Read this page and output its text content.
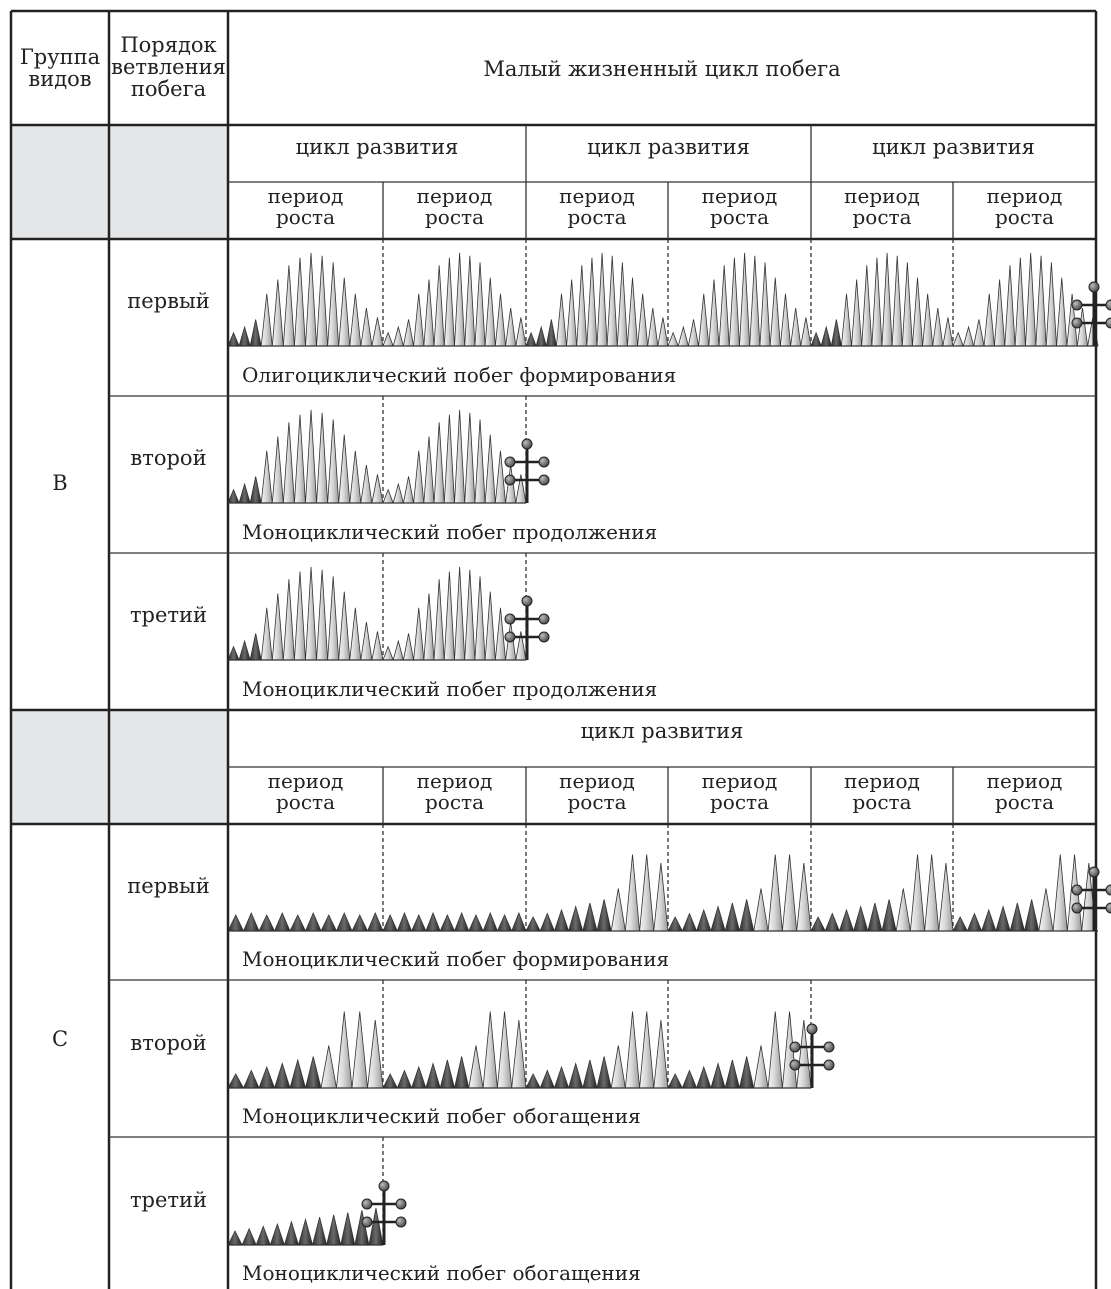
Группа
видов
Порядок
ветвления
побега
Малый жизненный цикл побега
цикл развития	цикл развития	цикл развития
период
роста
период
роста
период
роста
период
роста
период
роста
период
роста
цикл развития
период
роста
период
роста
период
роста
период
роста
период
роста
период
роста
B
C
первый
второй
третий
первый
второй
третий
Олигоциклический побег формирования
Моноциклический побег продолжения
Моноциклический побег продолжения
Моноциклический побег формирования
Моноциклический побег обогащения
Моноциклический побег обогащения
